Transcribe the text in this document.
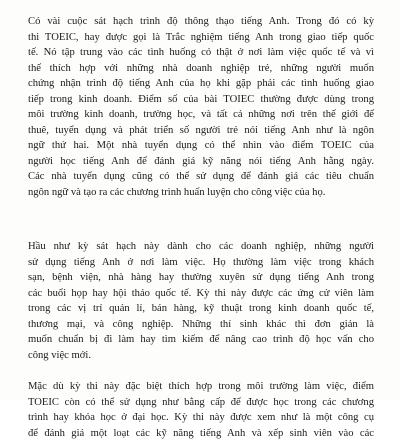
Có vài cuộc sát hạch trình độ thông thạo tiếng Anh. Trong đó có kỳ
thi TOEIC, hay được gọi là Trắc nghiệm tiếng Anh trong giao tiếp quốc
tế. Nó tập trung vào các tình huống có thật ở nơi làm việc quốc tế và vì
thế thích hợp với những nhà doanh nghiệp trẻ, những người muốn
chứng nhận trình độ tiếng Anh của họ khi gặp phải các tình huống giao
tiếp trong kinh doanh. Điểm số của bài TOIEC thường được dùng trong
môi trường kinh doanh, trường học, và tất cả những nơi trên thế giới để
thuê, tuyển dụng và phát triển số người trẻ nói tiếng Anh như là ngôn
ngữ thứ hai. Một nhà tuyển dụng có thể nhìn vào điểm TOEIC của
người học tiếng Anh để đánh giá kỹ năng nói tiếng Anh hằng ngày.
Các nhà tuyển dụng cũng có thể sử dụng để đánh giá các tiêu chuẩn
ngôn ngữ và tạo ra các chương trình huấn luyện cho công việc của họ.
Hầu như kỳ sát hạch này dành cho các doanh nghiệp, những người
sử dụng tiếng Anh ở nơi làm việc. Họ thường làm việc trong khách
sạn, bệnh viện, nhà hàng hay thường xuyên sử dụng tiếng Anh trong
các buổi họp hay hội thảo quốc tế. Kỳ thi này được các ứng cử viên làm
trong các vị trí quản lí, bán hàng, kỹ thuật trong kinh doanh quốc tế,
thương mại, và công nghiệp. Những thí sinh khác thì đơn giản là
muốn chuẩn bị đi làm hay tìm kiếm để nâng cao trình độ học vấn cho
công việc mới.
Mặc dù kỳ thi này đặc biệt thích hợp trong môi trường làm việc, điểm
TOEIC còn có thể sử dụng như bằng cấp để được học trong các chương
trình hay khóa học ở đại học. Kỳ thi này được xem như là một công cụ
để đánh giá một loạt các kỹ năng tiếng Anh và xếp sinh viên vào các
